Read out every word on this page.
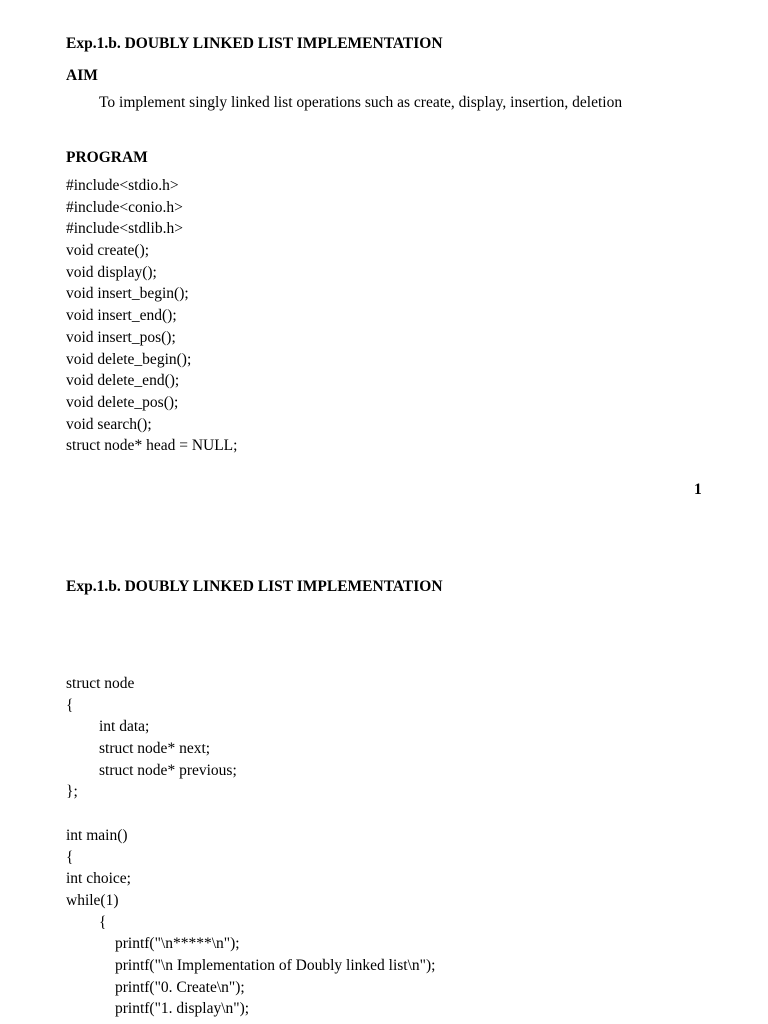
Exp.1.b. DOUBLY LINKED LIST IMPLEMENTATION
AIM
To implement singly linked list operations such as create, display, insertion, deletion
PROGRAM
#include<stdio.h>
#include<conio.h>
#include<stdlib.h>
void create();
void display();
void insert_begin();
void insert_end();
void insert_pos();
void delete_begin();
void delete_end();
void delete_pos();
void search();
struct node* head = NULL;
1
Exp.1.b. DOUBLY LINKED LIST IMPLEMENTATION
struct node
{
int data;
struct node* next;
struct node* previous;
};
int main()
{
int choice;
while(1)
{
printf("\n*****\n");
printf("\n Implementation of Doubly linked list\n");
printf("0. Create\n");
printf("1. display\n");
